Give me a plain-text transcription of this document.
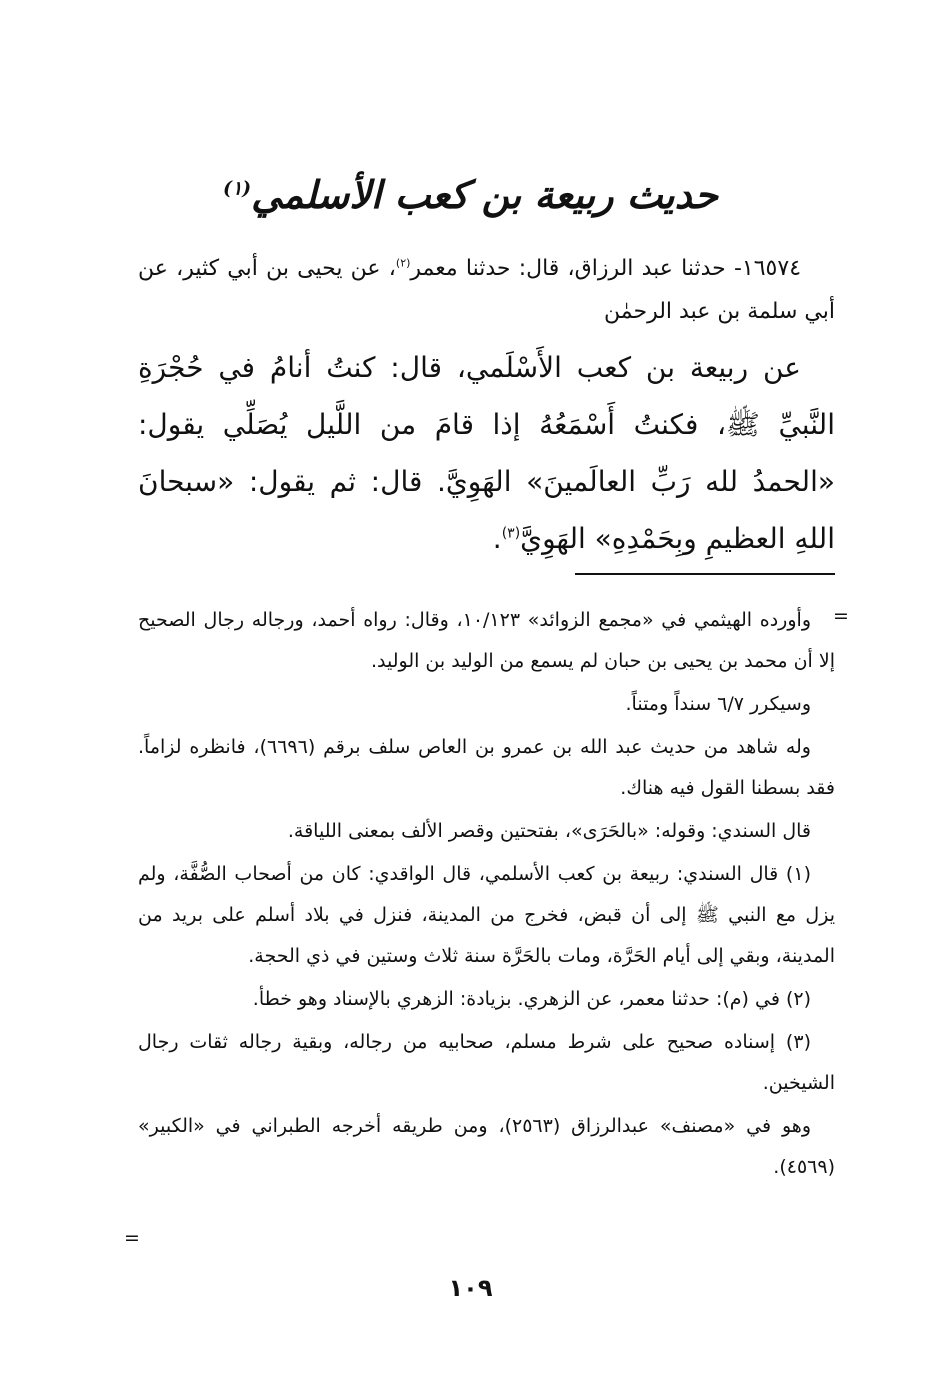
حديث ربيعة بن كعب الأسلمي$^{(١)}$

١٦٥٧٤- حدثنا عبد الرزاق، قال: حدثنا معمر$^{(٢)}$، عن يحيى بن أبي كثير، عن أبي سلمة بن عبد الرحمٰن

عن ربيعة بن كعب الأَسْلَمي، قال: كنتُ أنامُ في حُجْرَةِ النَّبيِّ ﷺ، فكنتُ أَسْمَعُهُ إذا قامَ من اللَّيل يُصَلِّي يقول: «الحمدُ لله رَبِّ العالَمينَ» الهَوِيَّ. قال: ثم يقول: «سبحانَ اللهِ العظيمِ وبِحَمْدِهِ» الهَوِيَّ$^{(٣)}$.

=

وأورده الهيثمي في «مجمع الزوائد» ١٠/١٢٣، وقال: رواه أحمد، ورجاله رجال الصحيح إلا أن محمد بن يحيى بن حبان لم يسمع من الوليد بن الوليد.

وسيكرر ٦/٧ سنداً ومتناً.

وله شاهد من حديث عبد الله بن عمرو بن العاص سلف برقم (٦٦٩٦)، فانظره لزاماً. فقد بسطنا القول فيه هناك.

قال السندي: وقوله: «بالحَرَى»، بفتحتين وقصر الألف بمعنى اللياقة.

(١) قال السندي: ربيعة بن كعب الأسلمي، قال الواقدي: كان من أصحاب الصُّفَّة، ولم يزل مع النبي ﷺ إلى أن قبض، فخرج من المدينة، فنزل في بلاد أسلم على بريد من المدينة، وبقي إلى أيام الحَرَّة، ومات بالحَرَّة سنة ثلاث وستين في ذي الحجة.

(٢) في (م): حدثنا معمر، عن الزهري. بزيادة: الزهري بالإسناد وهو خطأ.

(٣) إسناده صحيح على شرط مسلم، صحابيه من رجاله، وبقية رجاله ثقات رجال الشيخين.

وهو في «مصنف» عبدالرزاق (٢٥٦٣)، ومن طريقه أخرجه الطبراني في «الكبير» (٤٥٦٩).

=
١٠٩
